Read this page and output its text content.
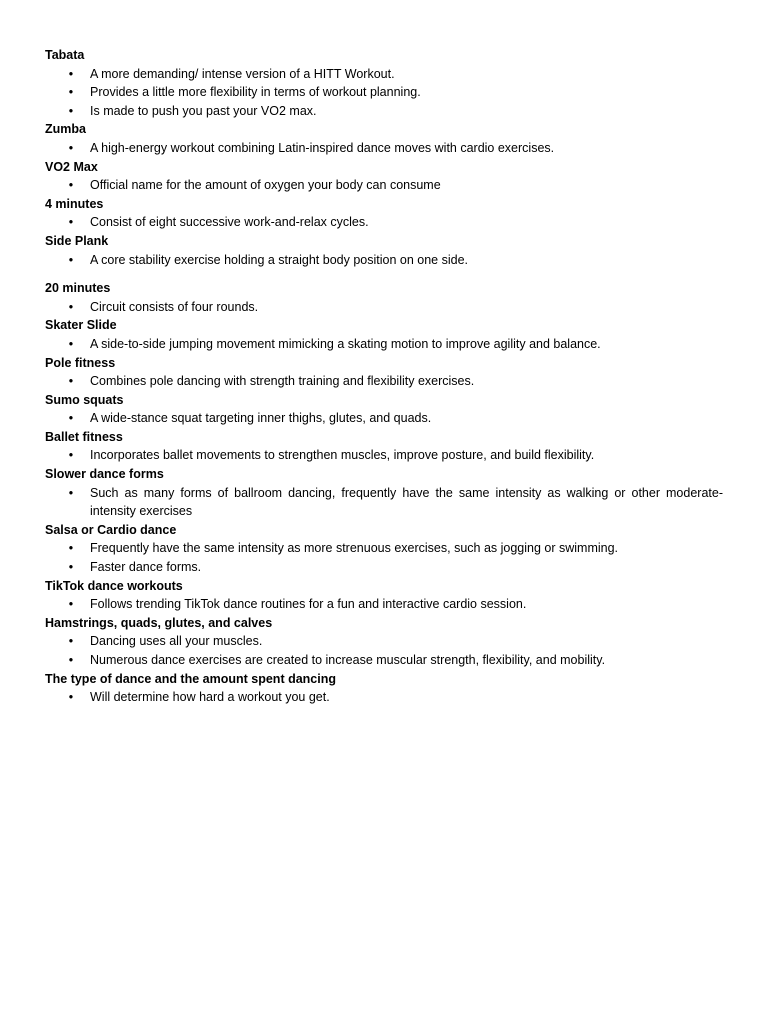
Tabata
• A more demanding/ intense version of a HITT Workout.
• Provides a little more flexibility in terms of workout planning.
• Is made to push you past your VO2 max.
Zumba
• A high-energy workout combining Latin-inspired dance moves with cardio exercises.
VO2 Max
• Official name for the amount of oxygen your body can consume
4 minutes
• Consist of eight successive work-and-relax cycles.
Side Plank
• A core stability exercise holding a straight body position on one side.
20 minutes
• Circuit consists of four rounds.
Skater Slide
• A side-to-side jumping movement mimicking a skating motion to improve agility and balance.
Pole fitness
• Combines pole dancing with strength training and flexibility exercises.
Sumo squats
• A wide-stance squat targeting inner thighs, glutes, and quads.
Ballet fitness
• Incorporates ballet movements to strengthen muscles, improve posture, and build flexibility.
Slower dance forms
• Such as many forms of ballroom dancing, frequently have the same intensity as walking or other moderate-intensity exercises
Salsa or Cardio dance
• Frequently have the same intensity as more strenuous exercises, such as jogging or swimming.
• Faster dance forms.
TikTok dance workouts
• Follows trending TikTok dance routines for a fun and interactive cardio session.
Hamstrings, quads, glutes, and calves
• Dancing uses all your muscles.
• Numerous dance exercises are created to increase muscular strength, flexibility, and mobility.
The type of dance and the amount spent dancing
• Will determine how hard a workout you get.
